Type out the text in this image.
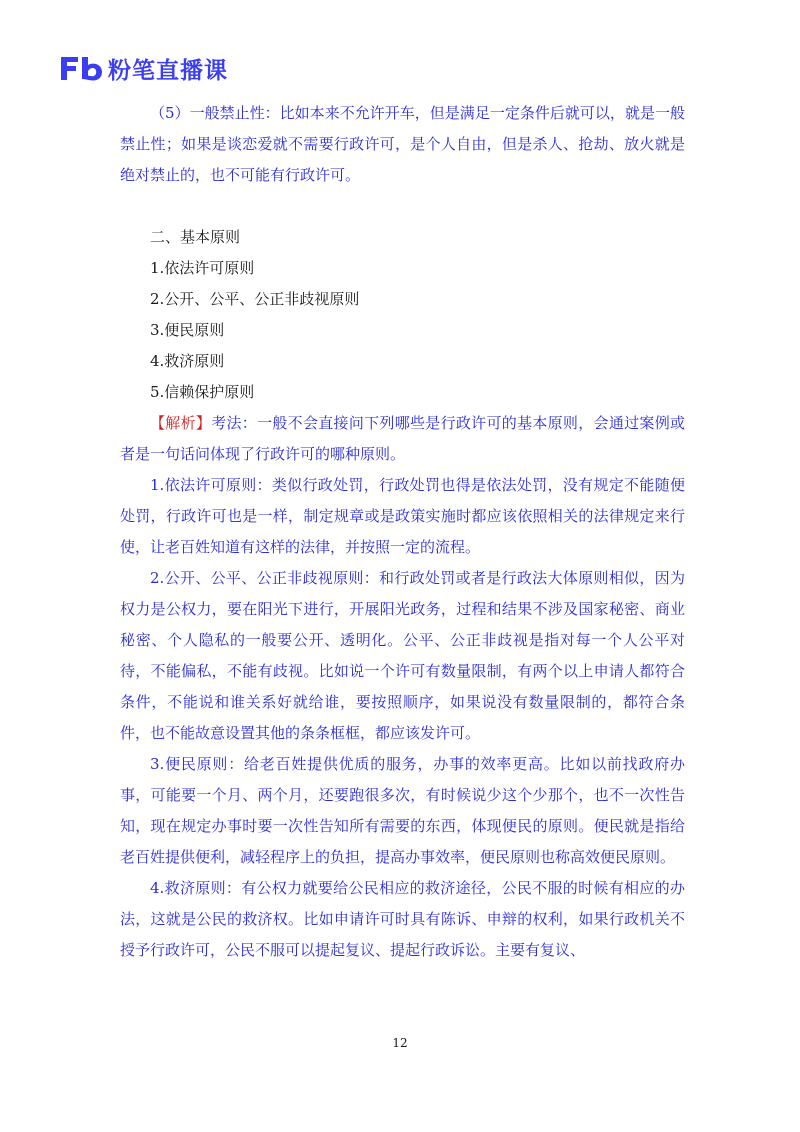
粉笔直播课

（5）一般禁止性：比如本来不允许开车，但是满足一定条件后就可以，就是一般禁止性；如果是谈恋爱就不需要行政许可，是个人自由，但是杀人、抢劫、放火就是绝对禁止的，也不可能有行政许可。

二、基本原则

1.依法许可原则

2.公开、公平、公正非歧视原则

3.便民原则

4.救济原则

5.信赖保护原则

【解析】考法：一般不会直接问下列哪些是行政许可的基本原则，会通过案例或者是一句话问体现了行政许可的哪种原则。

1.依法许可原则：类似行政处罚，行政处罚也得是依法处罚，没有规定不能随便处罚，行政许可也是一样，制定规章或是政策实施时都应该依照相关的法律规定来行使，让老百姓知道有这样的法律，并按照一定的流程。

2.公开、公平、公正非歧视原则：和行政处罚或者是行政法大体原则相似，因为权力是公权力，要在阳光下进行，开展阳光政务，过程和结果不涉及国家秘密、商业秘密、个人隐私的一般要公开、透明化。公平、公正非歧视是指对每一个人公平对待，不能偏私，不能有歧视。比如说一个许可有数量限制，有两个以上申请人都符合条件，不能说和谁关系好就给谁，要按照顺序，如果说没有数量限制的，都符合条件，也不能故意设置其他的条条框框，都应该发许可。

3.便民原则：给老百姓提供优质的服务，办事的效率更高。比如以前找政府办事，可能要一个月、两个月，还要跑很多次，有时候说少这个少那个，也不一次性告知，现在规定办事时要一次性告知所有需要的东西，体现便民的原则。便民就是指给老百姓提供便利，减轻程序上的负担，提高办事效率，便民原则也称高效便民原则。

4.救济原则：有公权力就要给公民相应的救济途径，公民不服的时候有相应的办法，这就是公民的救济权。比如申请许可时具有陈诉、申辩的权利，如果行政机关不授予行政许可，公民不服可以提起复议、提起行政诉讼。主要有复议、

12
